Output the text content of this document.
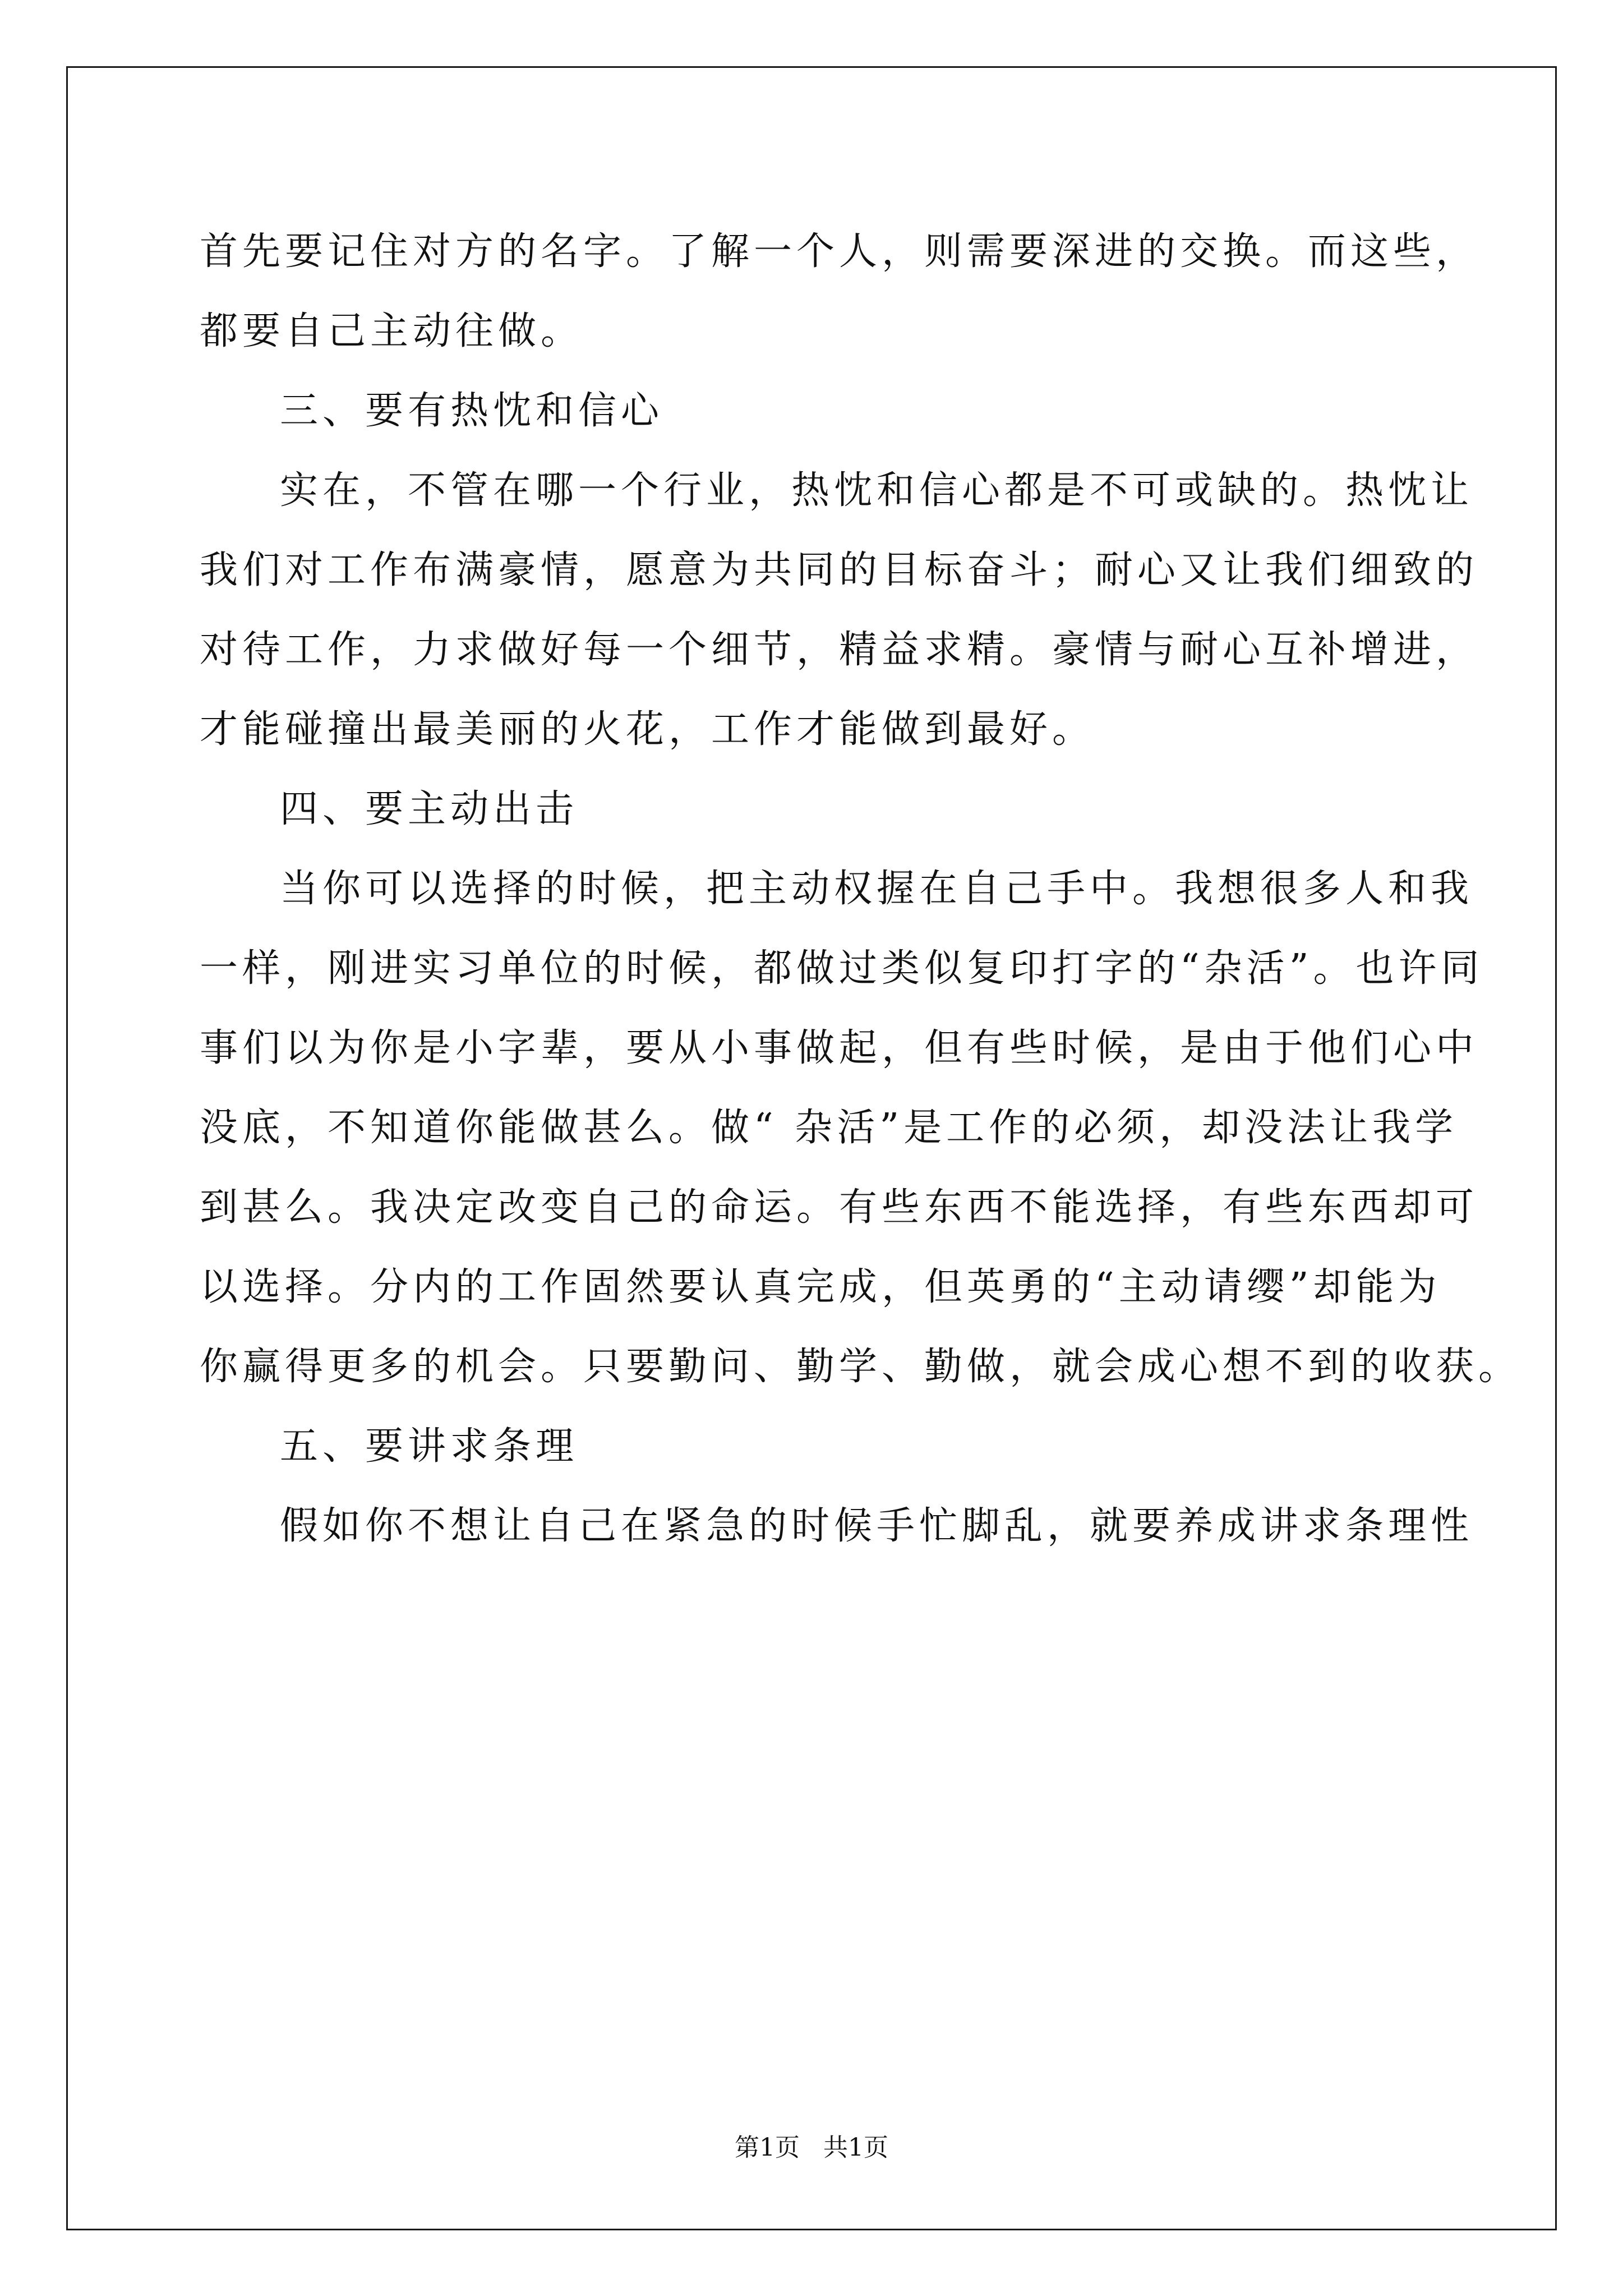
首先要记住对方的名字。了解一个人，则需要深进的交换。而这些，
都要自己主动往做。
三、要有热忱和信心
实在，不管在哪一个行业，热忱和信心都是不可或缺的。热忱让
我们对工作布满豪情，愿意为共同的目标奋斗；耐心又让我们细致的
对待工作，力求做好每一个细节，精益求精。豪情与耐心互补增进，
才能碰撞出最美丽的火花，工作才能做到最好。
四、要主动出击
当你可以选择的时候，把主动权握在自己手中。我想很多人和我
一样，刚进实习单位的时候，都做过类似复印打字的“杂活”。也许同
事们以为你是小字辈，要从小事做起，但有些时候，是由于他们心中
没底，不知道你能做甚么。做“ 杂活”是工作的必须，却没法让我学
到甚么。我决定改变自己的命运。有些东西不能选择，有些东西却可
以选择。分内的工作固然要认真完成，但英勇的“主动请缨”却能为
你赢得更多的机会。只要勤问、勤学、勤做，就会成心想不到的收获。
五、要讲求条理
假如你不想让自己在紧急的时候手忙脚乱，就要养成讲求条理性
第1页   共1页
